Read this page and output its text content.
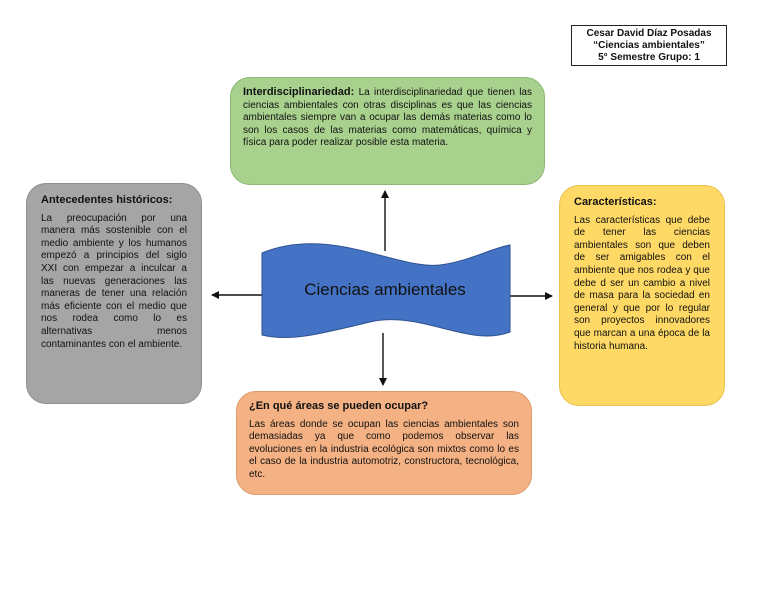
Cesar David Díaz Posadas
“Ciencias ambientales”
5° Semestre Grupo: 1
Ciencias ambientales
Interdisciplinariedad: La interdisciplinariedad que tienen las ciencias ambientales con otras disciplinas es que las ciencias ambientales siempre van a ocupar las demás materias como lo son los casos de las materias como matemáticas, química y física para poder realizar posible esta materia.
Antecedentes históricos:
La preocupación por una manera más sostenible con el medio ambiente y los humanos empezó a principios del siglo XXI con empezar a inculcar a las nuevas generaciones las maneras de tener una relación más eficiente con el medio que nos rodea como lo es alternativas menos contaminantes con el ambiente.
Características:
Las características que debe de tener las ciencias ambientales son que deben de ser amigables con el ambiente que nos rodea y que debe d ser un cambio a nivel de masa para la sociedad en general y que por lo regular son proyectos innovadores que marcan a una época de la historia humana.
¿En qué áreas se pueden ocupar?
Las áreas donde se ocupan las ciencias ambientales son demasiadas ya que como podemos observar las evoluciones en la industria ecológica son mixtos como lo es el caso de la industria automotriz, constructora, tecnológica, etc.
